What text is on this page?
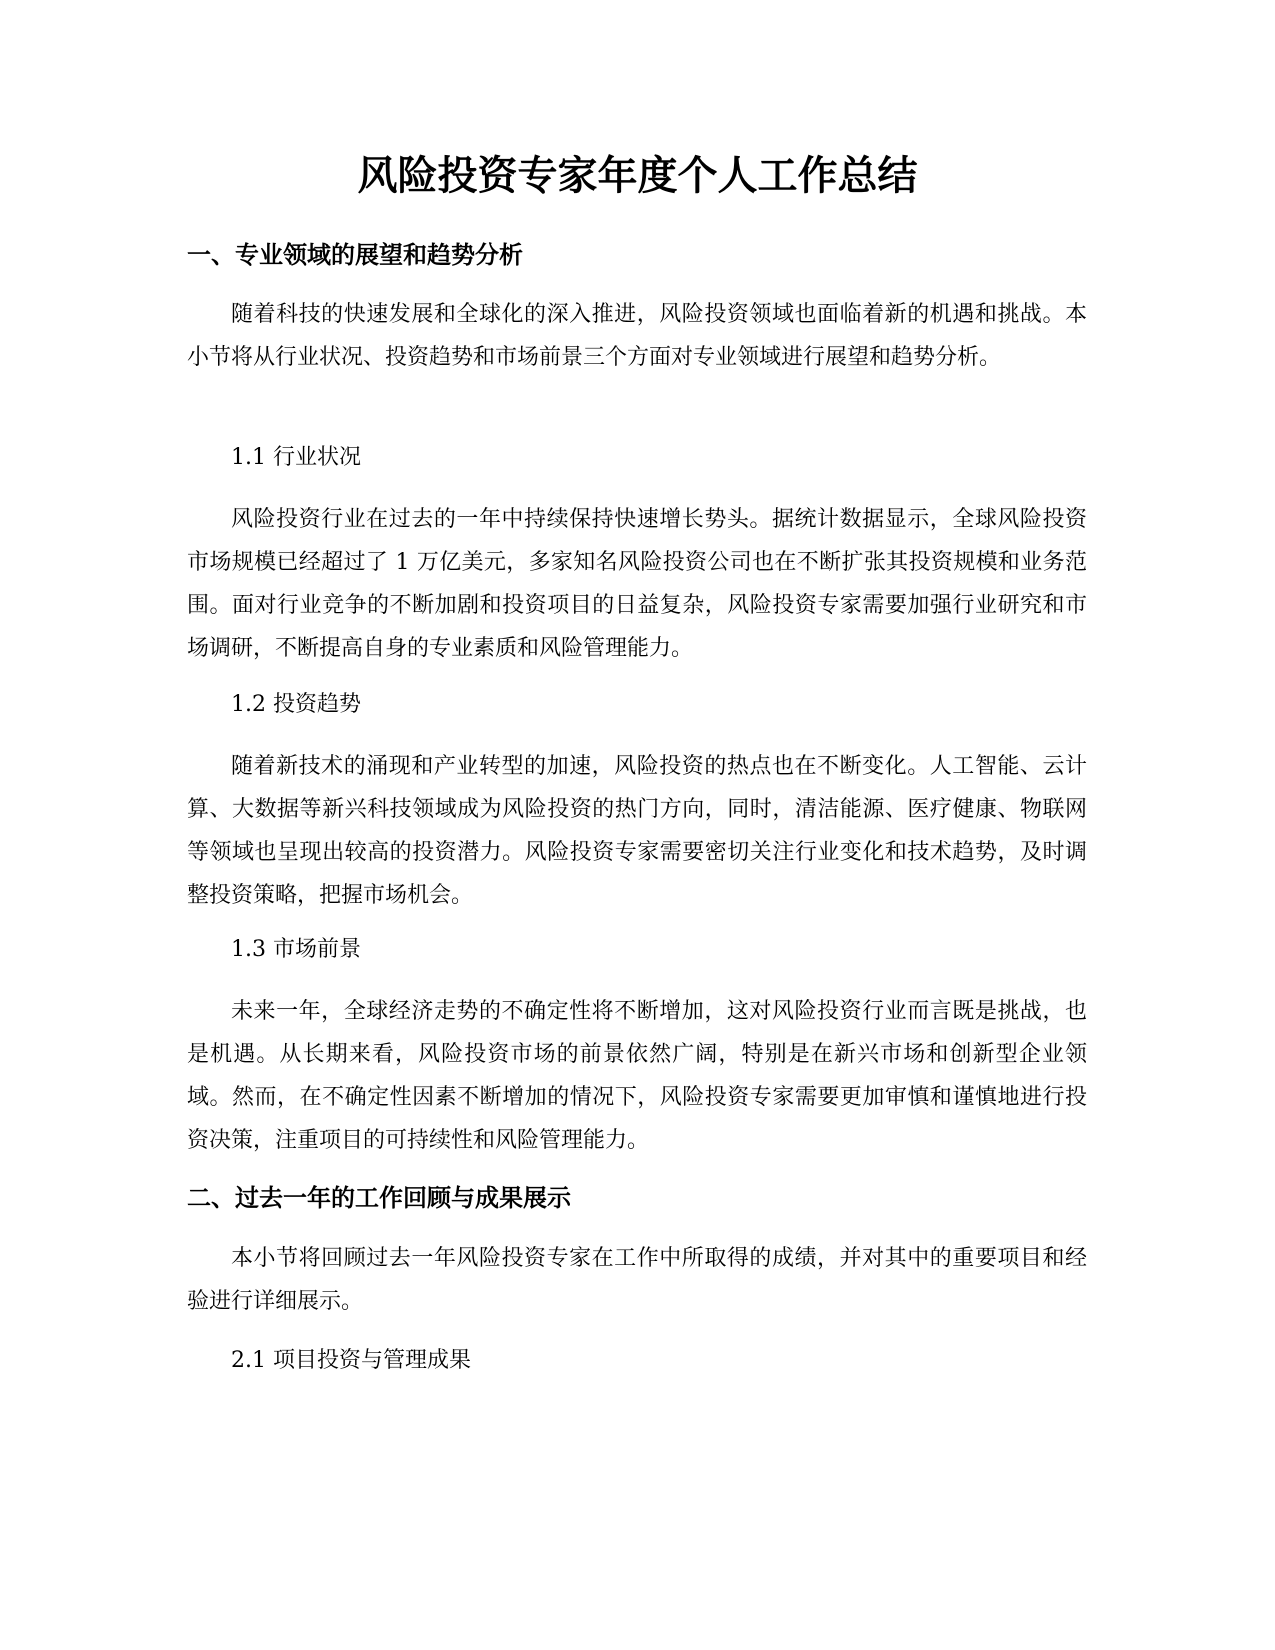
风险投资专家年度个人工作总结
一、专业领域的展望和趋势分析

随着科技的快速发展和全球化的深入推进，风险投资领域也面临着新的机遇和挑战。本小节将从行业状况、投资趋势和市场前景三个方面对专业领域进行展望和趋势分析。

1.1 行业状况

风险投资行业在过去的一年中持续保持快速增长势头。据统计数据显示，全球风险投资市场规模已经超过了 1 万亿美元，多家知名风险投资公司也在不断扩张其投资规模和业务范围。面对行业竞争的不断加剧和投资项目的日益复杂，风险投资专家需要加强行业研究和市场调研，不断提高自身的专业素质和风险管理能力。

1.2 投资趋势

随着新技术的涌现和产业转型的加速，风险投资的热点也在不断变化。人工智能、云计算、大数据等新兴科技领域成为风险投资的热门方向，同时，清洁能源、医疗健康、物联网等领域也呈现出较高的投资潜力。风险投资专家需要密切关注行业变化和技术趋势，及时调整投资策略，把握市场机会。

1.3 市场前景

未来一年，全球经济走势的不确定性将不断增加，这对风险投资行业而言既是挑战，也是机遇。从长期来看，风险投资市场的前景依然广阔，特别是在新兴市场和创新型企业领域。然而，在不确定性因素不断增加的情况下，风险投资专家需要更加审慎和谨慎地进行投资决策，注重项目的可持续性和风险管理能力。

二、过去一年的工作回顾与成果展示

本小节将回顾过去一年风险投资专家在工作中所取得的成绩，并对其中的重要项目和经验进行详细展示。

2.1 项目投资与管理成果
